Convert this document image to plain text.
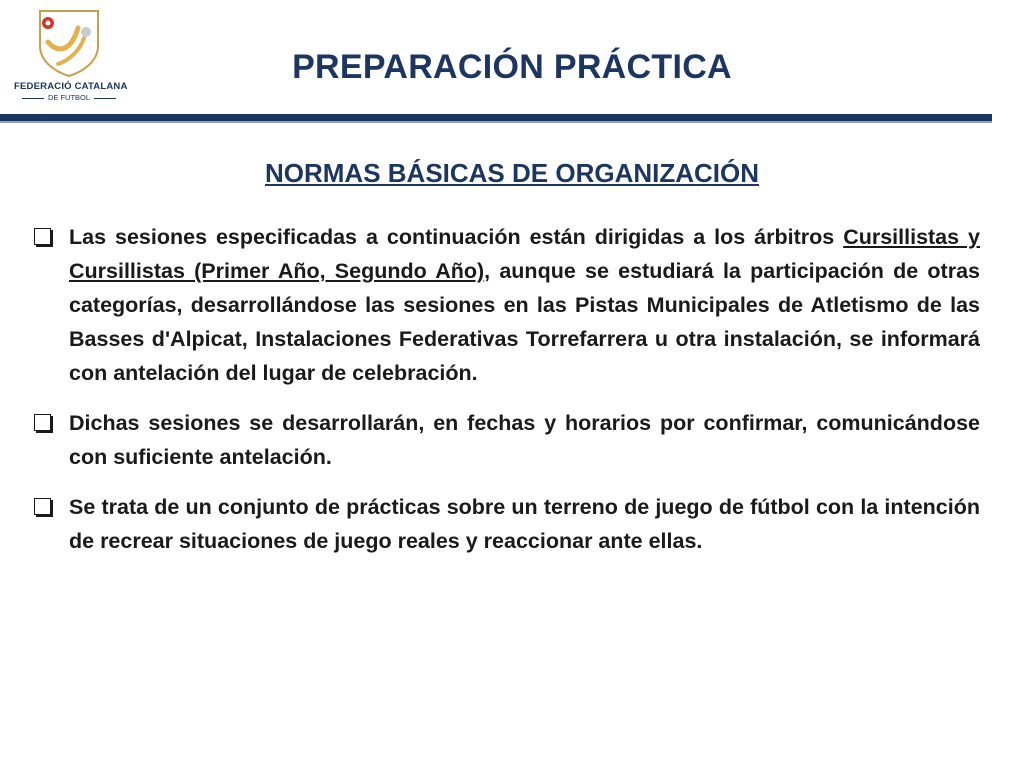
FEDERACIÓ CATALANA
DE FUTBOL
PREPARACIÓN PRÁCTICA
NORMAS BÁSICAS DE ORGANIZACIÓN
Las sesiones especificadas a continuación están dirigidas a los árbitros Cursillistas y Cursillistas (Primer Año, Segundo Año), aunque se estudiará la participación de otras categorías, desarrollándose las sesiones en las Pistas Municipales de Atletismo de las Basses d'Alpicat, Instalaciones Federativas Torrefarrera u otra instalación, se informará con antelación del lugar de celebración.
Dichas sesiones se desarrollarán, en fechas y horarios por confirmar, comunicándose con suficiente antelación.
Se trata de un conjunto de prácticas sobre un terreno de juego de fútbol con la intención de recrear situaciones de juego reales y reaccionar ante ellas.
